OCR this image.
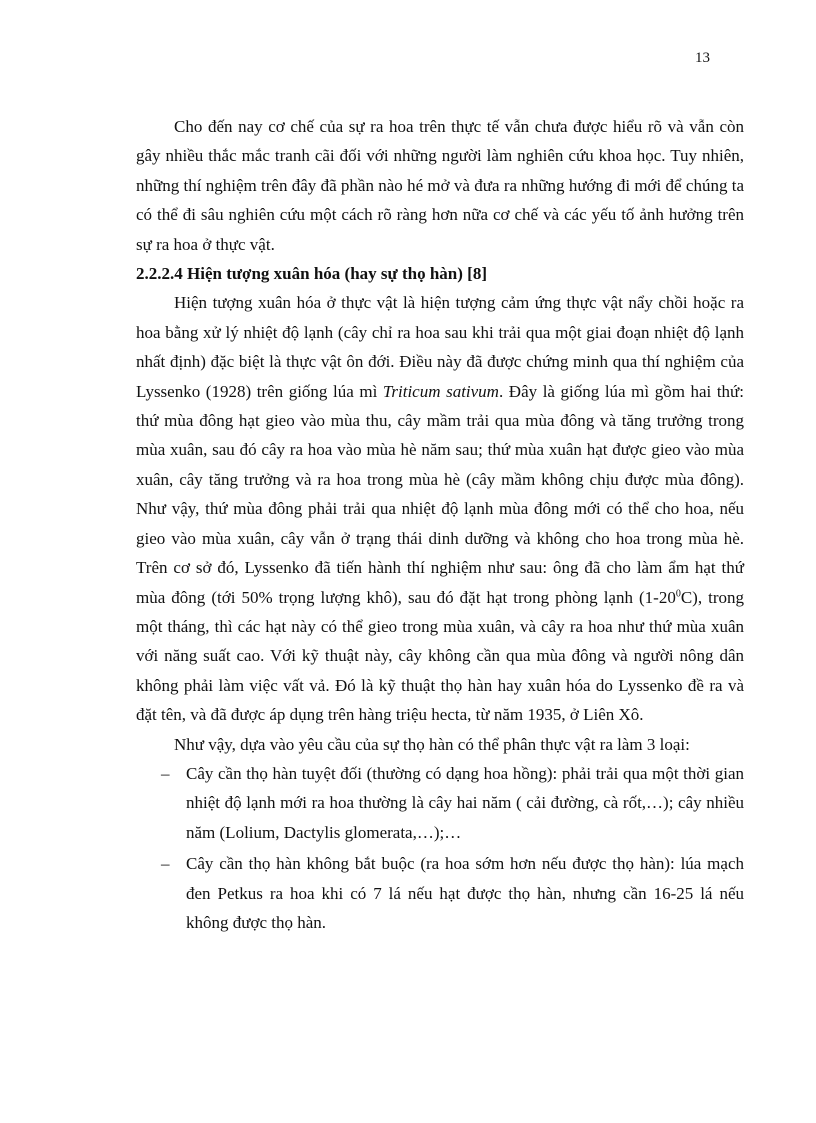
13

Cho đến nay cơ chế của sự ra hoa trên thực tế vẫn chưa được hiểu rõ và vẫn còn gây nhiều thắc mắc tranh cãi đối với những người làm nghiên cứu khoa học. Tuy nhiên, những thí nghiệm trên đây đã phần nào hé mở và đưa ra những hướng đi mới để chúng ta có thể đi sâu nghiên cứu một cách rõ ràng hơn nữa cơ chế và các yếu tố ảnh hưởng trên sự ra hoa ở thực vật.

2.2.2.4 Hiện tượng xuân hóa (hay sự thọ hàn) [8]

Hiện tượng xuân hóa ở thực vật là hiện tượng cảm ứng thực vật nẩy chồi hoặc ra hoa bằng xử lý nhiệt độ lạnh (cây chỉ ra hoa sau khi trải qua một giai đoạn nhiệt độ lạnh nhất định) đặc biệt là thực vật ôn đới. Điều này đã được chứng minh qua thí nghiệm của Lyssenko (1928) trên giống lúa mì Triticum sativum. Đây là giống lúa mì gồm hai thứ: thứ mùa đông hạt gieo vào mùa thu, cây mầm trải qua mùa đông và tăng trưởng trong mùa xuân, sau đó cây ra hoa vào mùa hè năm sau; thứ mùa xuân hạt được gieo vào mùa xuân, cây tăng trưởng và ra hoa trong mùa hè (cây mầm không chịu được mùa đông). Như vậy, thứ mùa đông phải trải qua nhiệt độ lạnh mùa đông mới có thể cho hoa, nếu gieo vào mùa xuân, cây vẫn ở trạng thái dinh dưỡng và không cho hoa trong mùa hè. Trên cơ sở đó, Lyssenko đã tiến hành thí nghiệm như sau: ông đã cho làm ẩm hạt thứ mùa đông (tới 50% trọng lượng khô), sau đó đặt hạt trong phòng lạnh $(1-20^0C)$, trong một tháng, thì các hạt này có thể gieo trong mùa xuân, và cây ra hoa như thứ mùa xuân với năng suất cao. Với kỹ thuật này, cây không cần qua mùa đông và người nông dân không phải làm việc vất vả. Đó là kỹ thuật thọ hàn hay xuân hóa do Lyssenko đề ra và đặt tên, và đã được áp dụng trên hàng triệu hecta, từ năm 1935, ở Liên Xô.

Như vậy, dựa vào yêu cầu của sự thọ hàn có thể phân thực vật ra làm 3 loại:

– Cây cần thọ hàn tuyệt đối (thường có dạng hoa hồng): phải trải qua một thời gian nhiệt độ lạnh mới ra hoa thường là cây hai năm ( cải đường, cà rốt,…); cây nhiều năm (Lolium, Dactylis glomerata,…);…
– Cây cần thọ hàn không bắt buộc (ra hoa sớm hơn nếu được thọ hàn): lúa mạch đen Petkus ra hoa khi có 7 lá nếu hạt được thọ hàn, nhưng cần 16-25 lá nếu không được thọ hàn.
